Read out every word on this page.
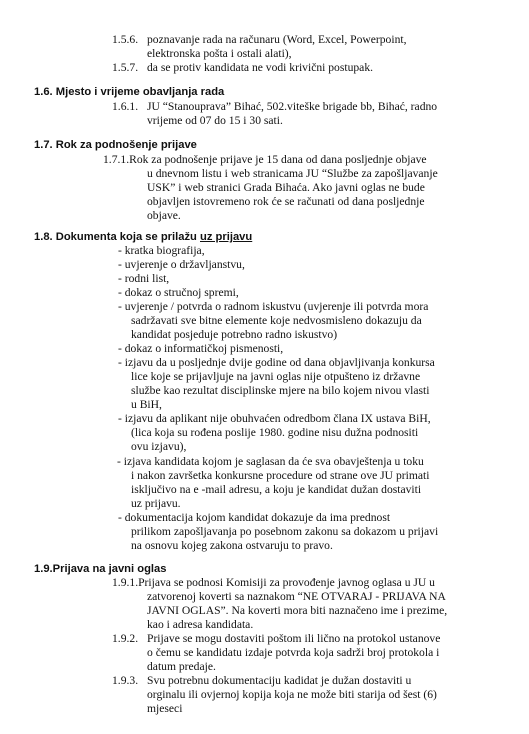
1.5.6. poznavanje rada na računaru (Word, Excel, Powerpoint,
elektronska pošta i ostali alati),
1.5.7. da se protiv kandidata ne vodi krivični postupak.
1.6. Mjesto i vrijeme obavljanja rada
1.6.1. JU “Stanouprava” Bihać, 502.viteške brigade bb, Bihać, radno
vrijeme od 07 do 15 i 30 sati.
1.7. Rok za podnošenje prijave
1.7.1.Rok za podnošenje prijave je 15 dana od dana posljednje objave
u dnevnom listu i web stranicama JU “Službe za zapošljavanje
USK” i web stranici Grada Bihaća. Ako javni oglas ne bude
objavljen istovremeno rok će se računati od dana posljednje
objave.
1.8. Dokumenta koja se prilažu uz prijavu
- kratka biografija,
- uvjerenje o državljanstvu,
- rodni list,
- dokaz o stručnoj spremi,
- uvjerenje / potvrda o radnom iskustvu (uvjerenje ili potvrda mora
sadržavati sve bitne elemente koje nedvosmisleno dokazuju da
kandidat posjeduje potrebno radno iskustvo)
- dokaz o informatičkoj pismenosti,
- izjavu da u posljednje dvije godine od dana objavljivanja konkursa
lice koje se prijavljuje na javni oglas nije otpušteno iz državne
službe kao rezultat disciplinske mjere na bilo kojem nivou vlasti
u BiH,
- izjavu da aplikant nije obuhvaćen odredbom člana IX ustava BiH,
(lica koja su rođena poslije 1980. godine nisu dužna podnositi
ovu izjavu),
- izjava kandidata kojom je saglasan da će sva obavještenja u toku
i nakon završetka konkursne procedure od strane ove JU primati
isključivo na e -mail adresu, a koju je kandidat dužan dostaviti
uz prijavu.
- dokumentacija kojom kandidat dokazuje da ima prednost
prilikom zapošljavanja po posebnom zakonu sa dokazom u prijavi
na osnovu kojeg zakona ostvaruju to pravo.
1.9.Prijava na javni oglas
1.9.1.Prijava se podnosi Komisiji za provođenje javnog oglasa u JU u
zatvorenoj koverti sa naznakom “NE OTVARAJ - PRIJAVA NA
JAVNI OGLAS”. Na koverti mora biti naznačeno ime i prezime,
kao i adresa kandidata.
1.9.2. Prijave se mogu dostaviti poštom ili lično na protokol ustanove
o čemu se kandidatu izdaje potvrda koja sadrži broj protokola i
datum predaje.
1.9.3. Svu potrebnu dokumentaciju kadidat je dužan dostaviti u
orginalu ili ovjernoj kopija koja ne može biti starija od šest (6)
mjeseci
